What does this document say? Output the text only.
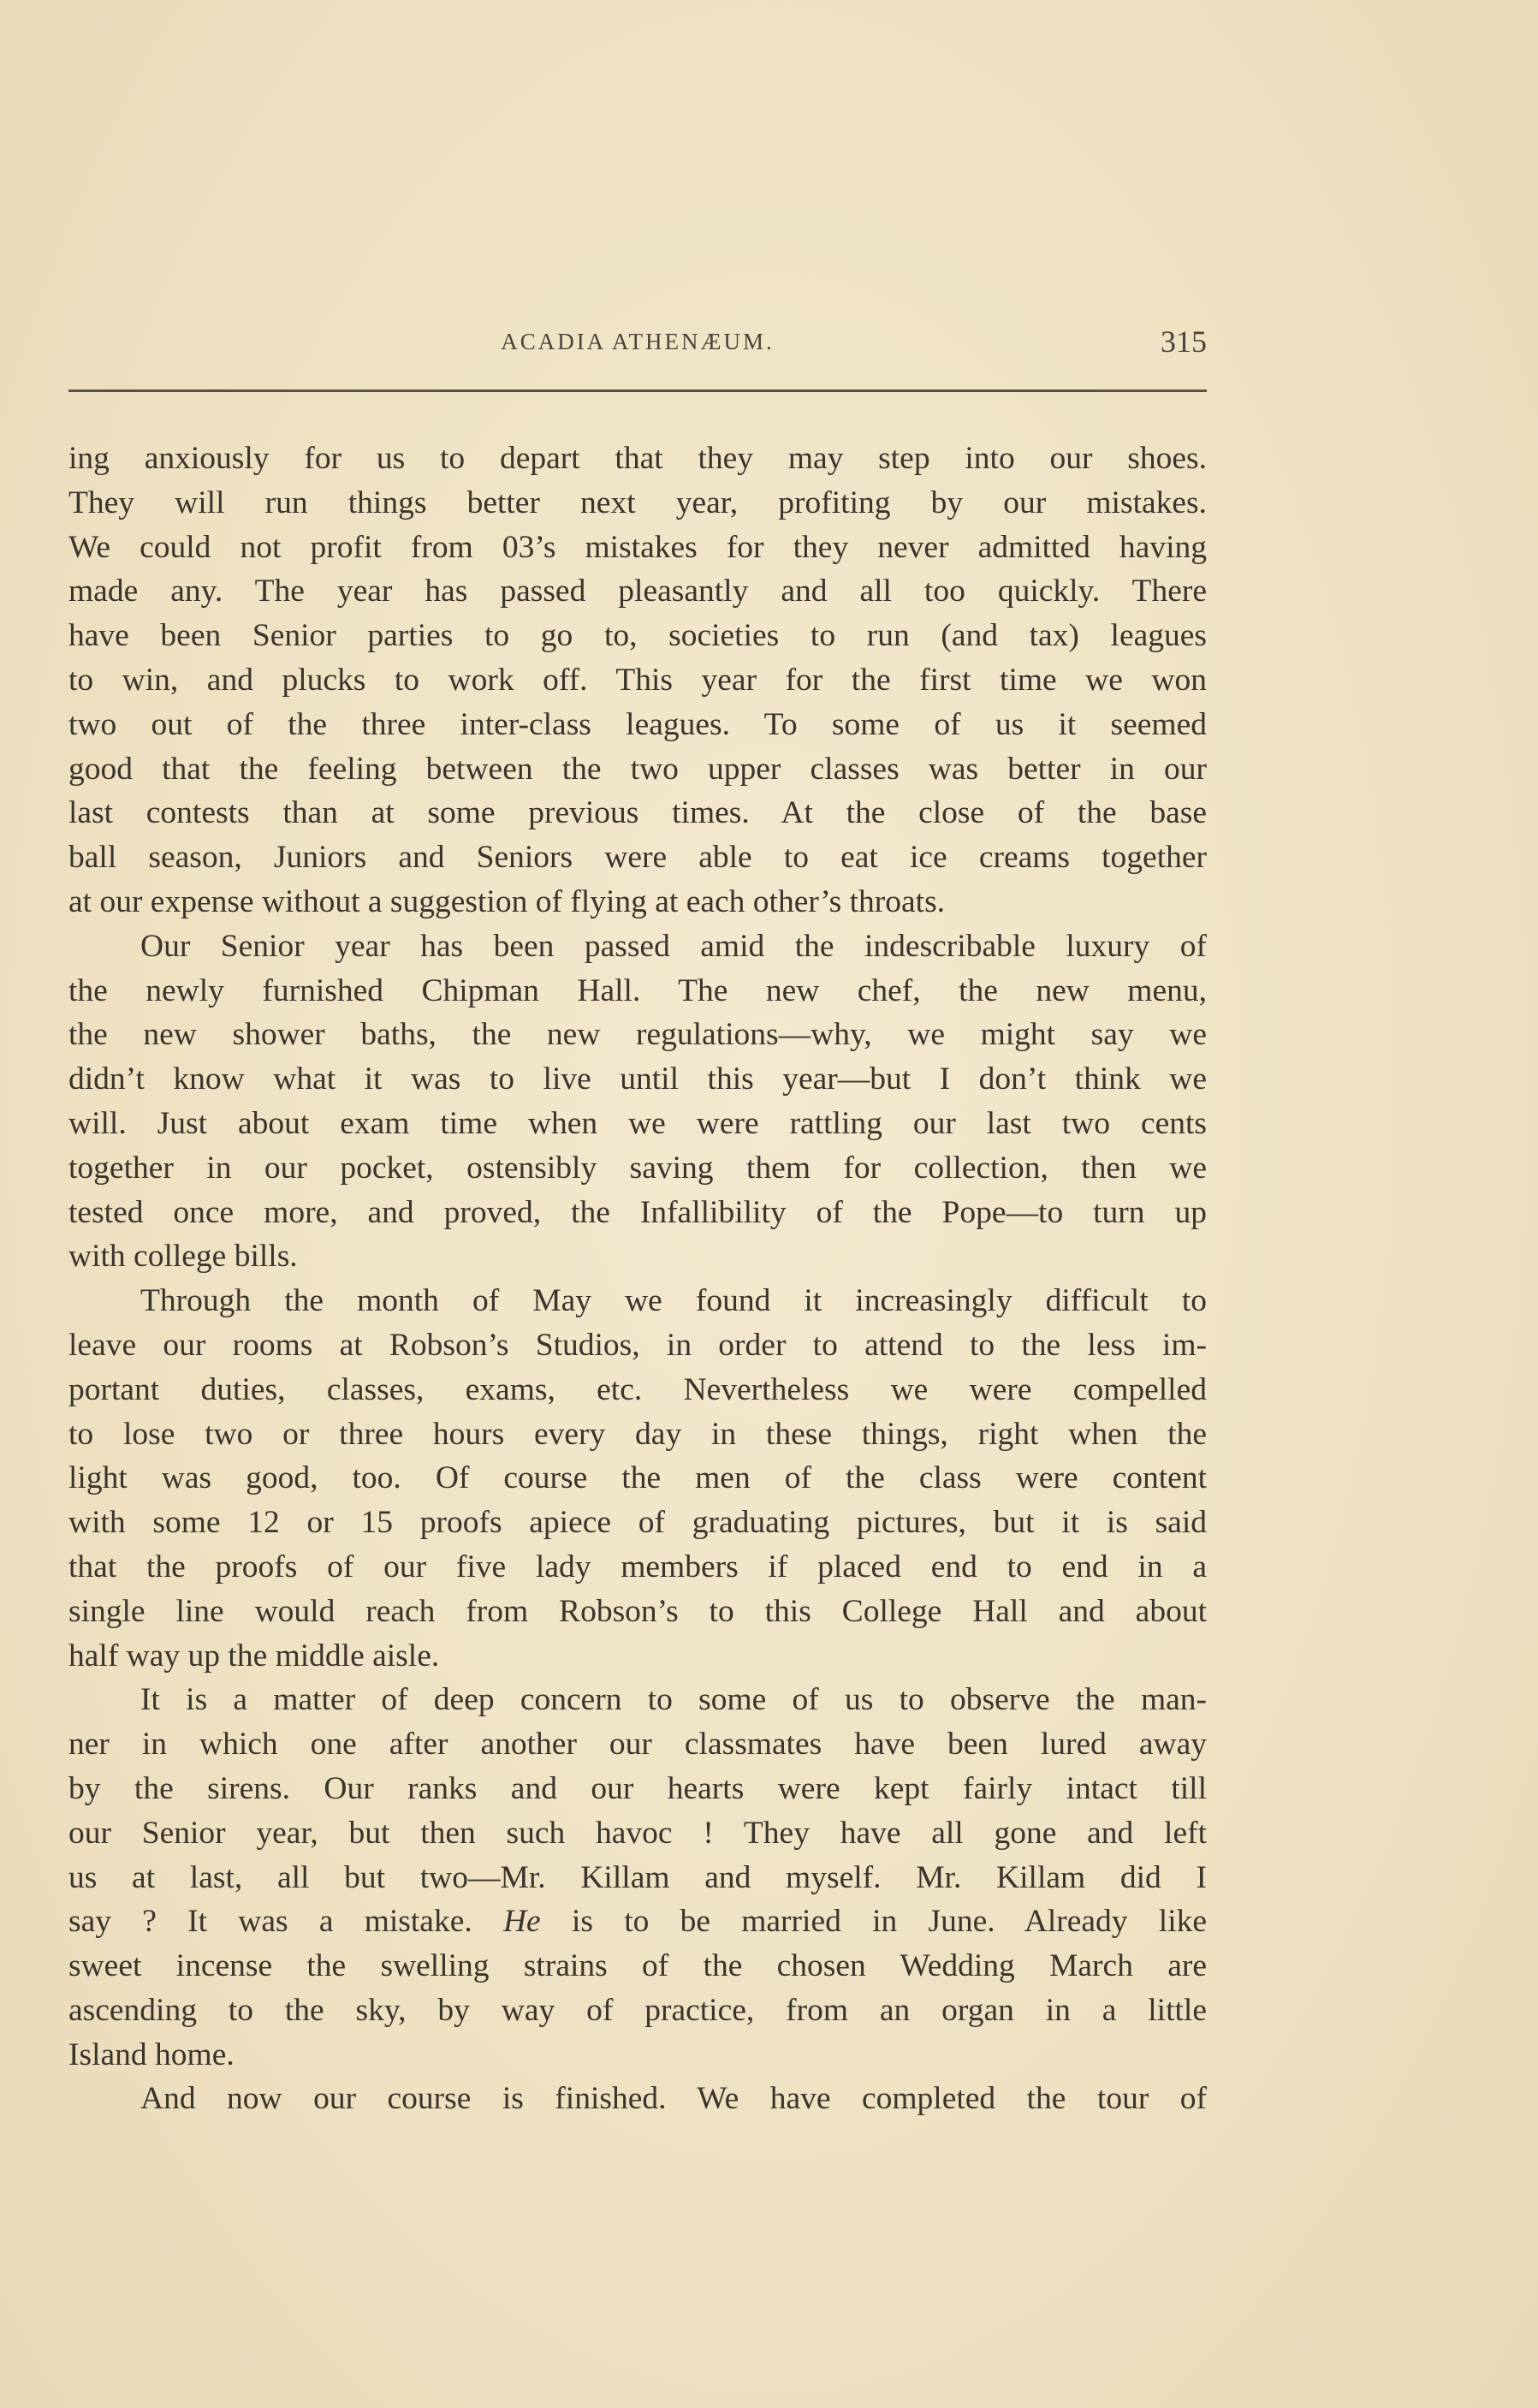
ACADIA ATHENÆUM.	315
ing anxiously for us to depart that they may step into our shoes.
They will run things better next year, profiting by our mistakes.
We could not profit from 03’s mistakes for they never admitted having
made any. The year has passed pleasantly and all too quickly. There
have been Senior parties to go to, societies to run (and tax) leagues
to win, and plucks to work off. This year for the first time we won
two out of the three inter-class leagues. To some of us it seemed
good that the feeling between the two upper classes was better in our
last contests than at some previous times. At the close of the base
ball season, Juniors and Seniors were able to eat ice creams together
at our expense without a suggestion of flying at each other’s throats.
Our Senior year has been passed amid the indescribable luxury of
the newly furnished Chipman Hall. The new chef, the new menu,
the new shower baths, the new regulations—why, we might say we
didn’t know what it was to live until this year—but I don’t think we
will. Just about exam time when we were rattling our last two cents
together in our pocket, ostensibly saving them for collection, then we
tested once more, and proved, the Infallibility of the Pope—to turn up
with college bills.
Through the month of May we found it increasingly difficult to
leave our rooms at Robson’s Studios, in order to attend to the less im-
portant duties, classes, exams, etc. Nevertheless we were compelled
to lose two or three hours every day in these things, right when the
light was good, too. Of course the men of the class were content
with some 12 or 15 proofs apiece of graduating pictures, but it is said
that the proofs of our five lady members if placed end to end in a
single line would reach from Robson’s to this College Hall and about
half way up the middle aisle.
It is a matter of deep concern to some of us to observe the man-
ner in which one after another our classmates have been lured away
by the sirens. Our ranks and our hearts were kept fairly intact till
our Senior year, but then such havoc ! They have all gone and left
us at last, all but two—Mr. Killam and myself. Mr. Killam did I
say ? It was a mistake. He is to be married in June. Already like
sweet incense the swelling strains of the chosen Wedding March are
ascending to the sky, by way of practice, from an organ in a little
Island home.
And now our course is finished. We have completed the tour of
